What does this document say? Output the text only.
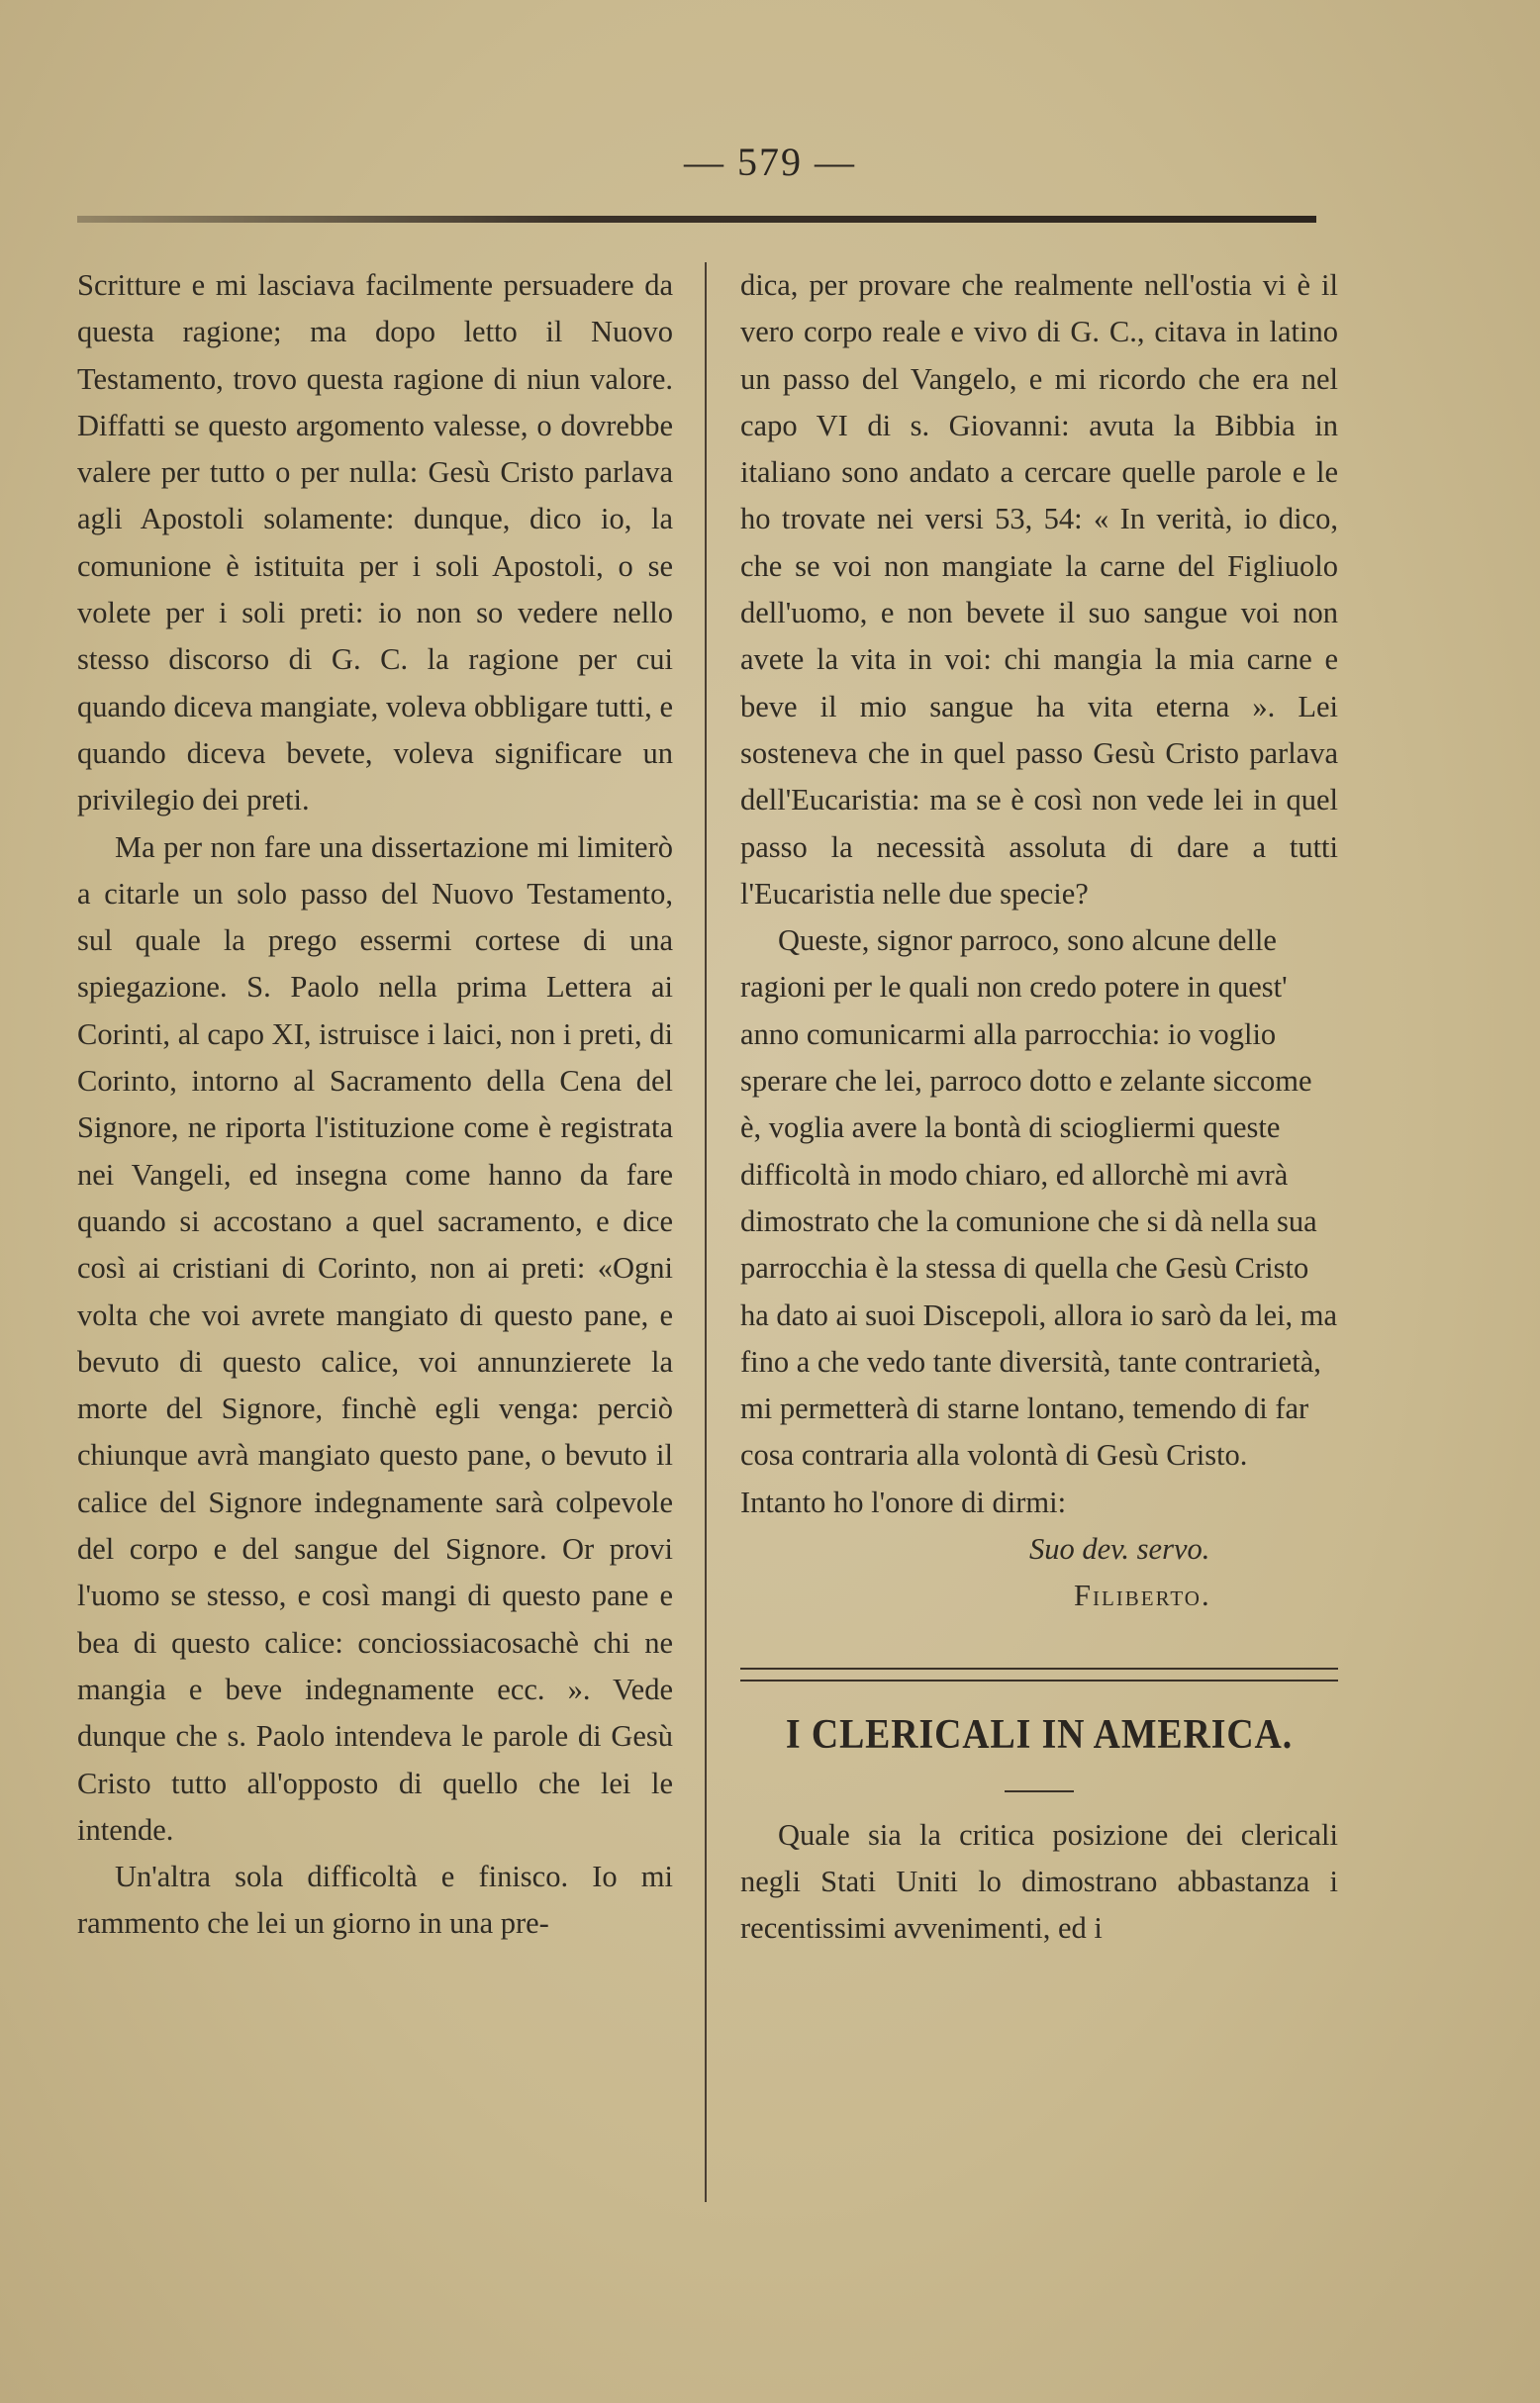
— 579 —

Scritture e mi lasciava facilmente persuadere da questa ragione; ma dopo letto il Nuovo Testamento, trovo questa ragione di niun valore. Diffatti se questo argomento valesse, o dovrebbe valere per tutto o per nulla: Gesù Cristo parlava agli Apostoli solamente: dunque, dico io, la comunione è istituita per i soli Apostoli, o se volete per i soli preti: io non so vedere nello stesso discorso di G. C. la ragione per cui quando diceva mangiate, voleva obbligare tutti, e quando diceva bevete, voleva significare un privilegio dei preti.

Ma per non fare una dissertazione mi limiterò a citarle un solo passo del Nuovo Testamento, sul quale la prego essermi cortese di una spiegazione. S. Paolo nella prima Lettera ai Corinti, al capo XI, istruisce i laici, non i preti, di Corinto, intorno al Sacramento della Cena del Signore, ne riporta l'istituzione come è registrata nei Vangeli, ed insegna come hanno da fare quando si accostano a quel sacramento, e dice così ai cristiani di Corinto, non ai preti: «Ogni volta che voi avrete mangiato di questo pane, e bevuto di questo calice, voi annunzierete la morte del Signore, finchè egli venga: perciò chiunque avrà mangiato questo pane, o bevuto il calice del Signore indegnamente sarà colpevole del corpo e del sangue del Signore. Or provi l'uomo se stesso, e così mangi di questo pane e bea di questo calice: conciossiacosachè chi ne mangia e beve indegnamente ecc. ». Vede dunque che s. Paolo intendeva le parole di Gesù Cristo tutto all'opposto di quello che lei le intende.

Un'altra sola difficoltà e finisco. Io mi rammento che lei un giorno in una pre-

dica, per provare che realmente nell'ostia vi è il vero corpo reale e vivo di G. C., citava in latino un passo del Vangelo, e mi ricordo che era nel capo VI di s. Giovanni: avuta la Bibbia in italiano sono andato a cercare quelle parole e le ho trovate nei versi 53, 54: « In verità, io dico, che se voi non mangiate la carne del Figliuolo dell'uomo, e non bevete il suo sangue voi non avete la vita in voi: chi mangia la mia carne e beve il mio sangue ha vita eterna ». Lei sosteneva che in quel passo Gesù Cristo parlava dell'Eucaristia: ma se è così non vede lei in quel passo la necessità assoluta di dare a tutti l'Eucaristia nelle due specie?

Queste, signor parroco, sono alcune delle ragioni per le quali non credo potere in quest' anno comunicarmi alla parrocchia: io voglio sperare che lei, parroco dotto e zelante siccome è, voglia avere la bontà di sciogliermi queste difficoltà in modo chiaro, ed allorchè mi avrà dimostrato che la comunione che si dà nella sua parrocchia è la stessa di quella che Gesù Cristo ha dato ai suoi Discepoli, allora io sarò da lei, ma fino a che vedo tante diversità, tante contrarietà, mi permetterà di starne lontano, temendo di far cosa contraria alla volontà di Gesù Cristo. Intanto ho l'onore di dirmi:

Suo dev. servo.

Filiberto.

I CLERICALI IN AMERICA.

Quale sia la critica posizione dei clericali negli Stati Uniti lo dimostrano abbastanza i recentissimi avvenimenti, ed i
